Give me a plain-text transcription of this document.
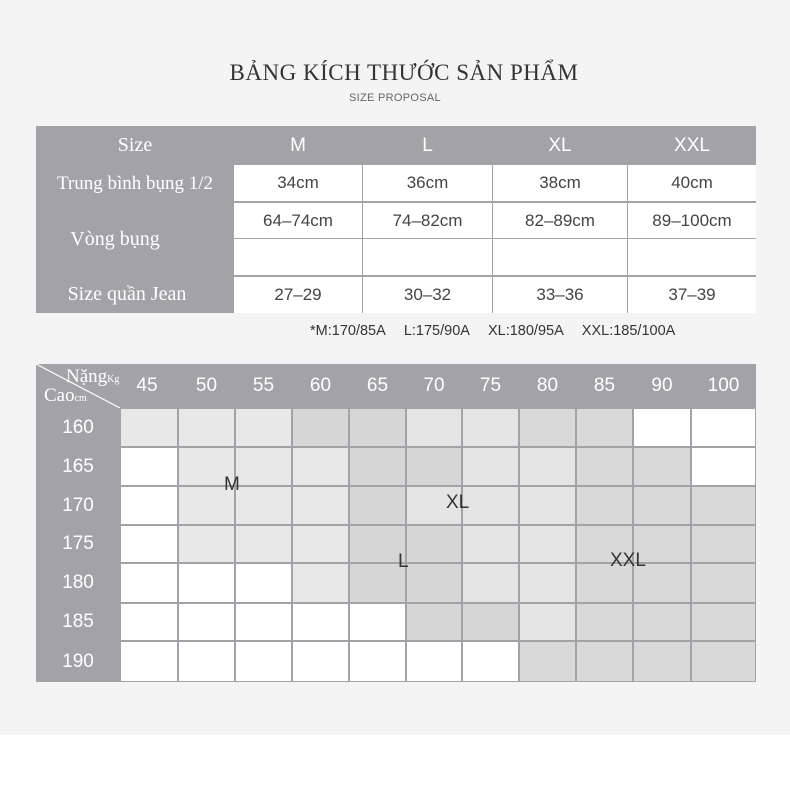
BẢNG KÍCH THƯỚC SẢN PHẨM
SIZE PROPOSAL
Size	M	L	XL	XXL
Trung bình bụng 1/2	34cm	36cm	38cm	40cm
Vòng bụng
64–74cm	74–82cm	82–89cm	89–100cm
Size quần Jean	27–29	30–32	33–36	37–39
*M:170/85A L:175/90A XL:180/95A XXL:185/100A
NặngKg
Caocm
45	50	55	60	65	70	75	80	85	90	100
160
165
170
175
180
185
190
M
L
XL
XXL
